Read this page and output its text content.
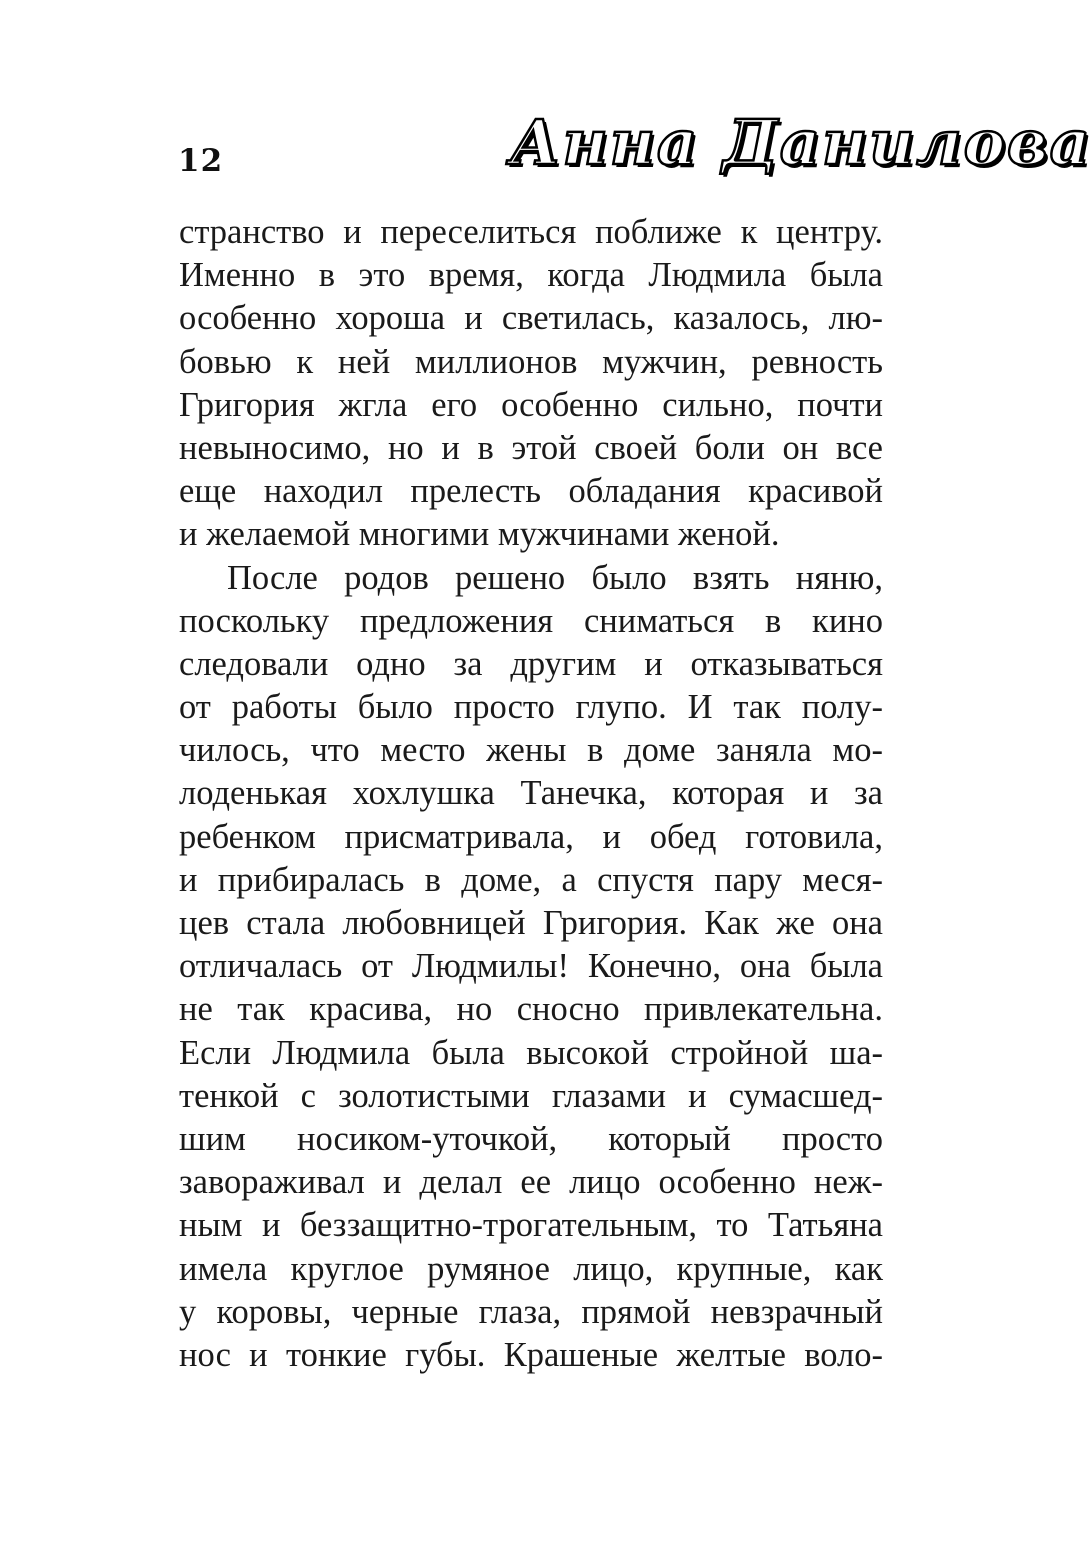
12	Анна Данилова
странство и переселиться поближе к центру.
Именно в это время, когда Людмила была
особенно хороша и светилась, казалось, лю-
бовью к ней миллионов мужчин, ревность
Григория жгла его особенно сильно, почти
невыносимо, но и в этой своей боли он все
еще находил прелесть обладания красивой
и желаемой многими мужчинами женой.
После родов решено было взять няню,
поскольку предложения сниматься в кино
следовали одно за другим и отказываться
от работы было просто глупо. И так полу-
чилось, что место жены в доме заняла мо-
лоденькая хохлушка Танечка, которая и за
ребенком присматривала, и обед готовила,
и прибиралась в доме, а спустя пару меся-
цев стала любовницей Григория. Как же она
отличалась от Людмилы! Конечно, она была
не так красива, но сносно привлекательна.
Если Людмила была высокой стройной ша-
тенкой с золотистыми глазами и сумасшед-
шим носиком-уточкой, который просто
завораживал и делал ее лицо особенно неж-
ным и беззащитно-трогательным, то Татьяна
имела круглое румяное лицо, крупные, как
у коровы, черные глаза, прямой невзрачный
нос и тонкие губы. Крашеные желтые воло-
